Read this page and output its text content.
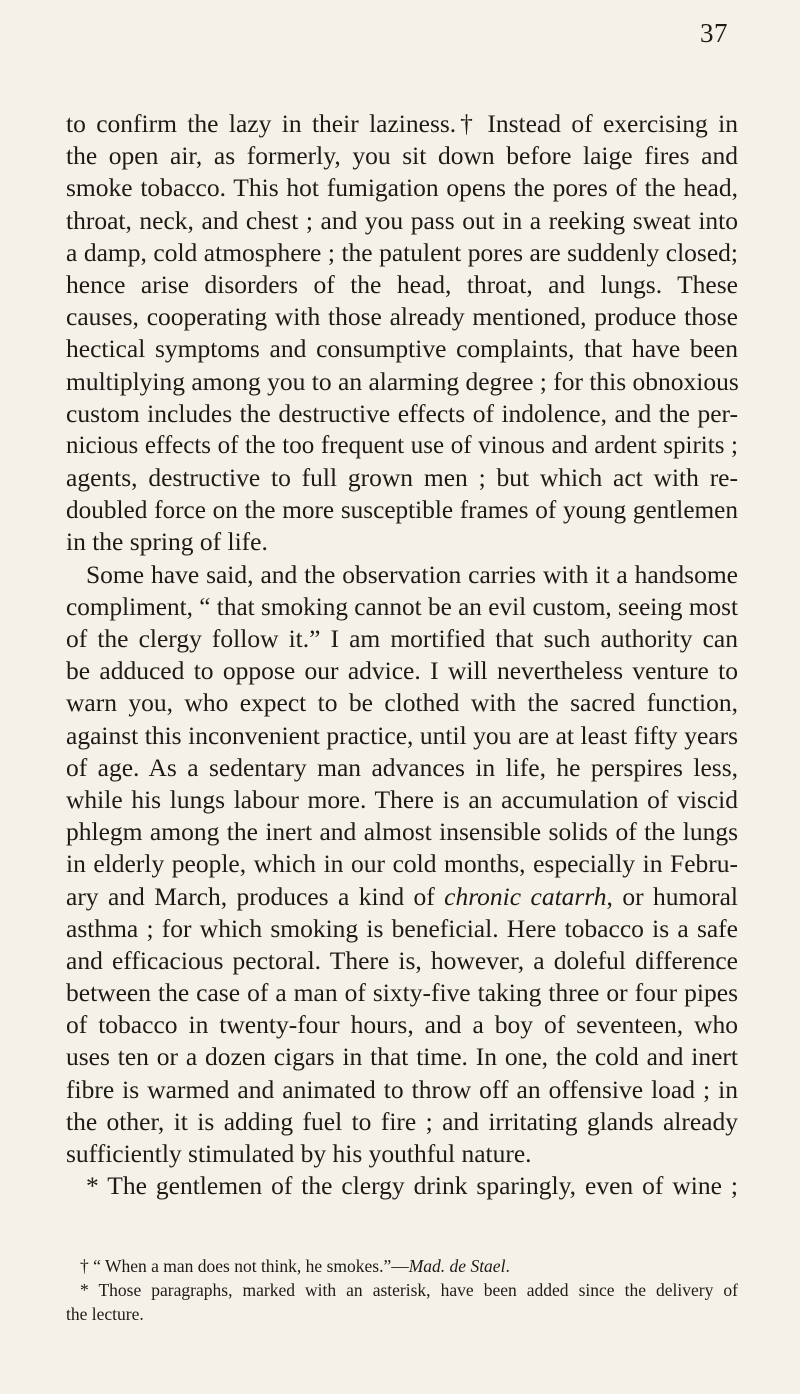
37
to confirm the lazy in their laziness.† Instead of exercising in
the open air, as formerly, you sit down before laige fires and
smoke tobacco. This hot fumigation opens the pores of the head,
throat, neck, and chest ; and you pass out in a reeking sweat into
a damp, cold atmosphere ; the patulent pores are suddenly closed;
hence arise disorders of the head, throat, and lungs. These
causes, cooperating with those already mentioned, produce those
hectical symptoms and consumptive complaints, that have been
multiplying among you to an alarming degree ; for this obnoxious
custom includes the destructive effects of indolence, and the per-
nicious effects of the too frequent use of vinous and ardent spirits ;
agents, destructive to full grown men ; but which act with re-
doubled force on the more susceptible frames of young gentlemen
in the spring of life.
Some have said, and the observation carries with it a handsome
compliment, “ that smoking cannot be an evil custom, seeing most
of the clergy follow it.” I am mortified that such authority can
be adduced to oppose our advice. I will nevertheless venture to
warn you, who expect to be clothed with the sacred function,
against this inconvenient practice, until you are at least fifty years
of age. As a sedentary man advances in life, he perspires less,
while his lungs labour more. There is an accumulation of viscid
phlegm among the inert and almost insensible solids of the lungs
in elderly people, which in our cold months, especially in Febru-
ary and March, produces a kind of chronic catarrh, or humoral
asthma ; for which smoking is beneficial. Here tobacco is a safe
and efficacious pectoral. There is, however, a doleful difference
between the case of a man of sixty-five taking three or four pipes
of tobacco in twenty-four hours, and a boy of seventeen, who
uses ten or a dozen cigars in that time. In one, the cold and inert
fibre is warmed and animated to throw off an offensive load ; in
the other, it is adding fuel to fire ; and irritating glands already
sufficiently stimulated by his youthful nature.
* The gentlemen of the clergy drink sparingly, even of wine ;
† “ When a man does not think, he smokes.”—Mad. de Stael.
* Those paragraphs, marked with an asterisk, have been added since the delivery of
the lecture.
